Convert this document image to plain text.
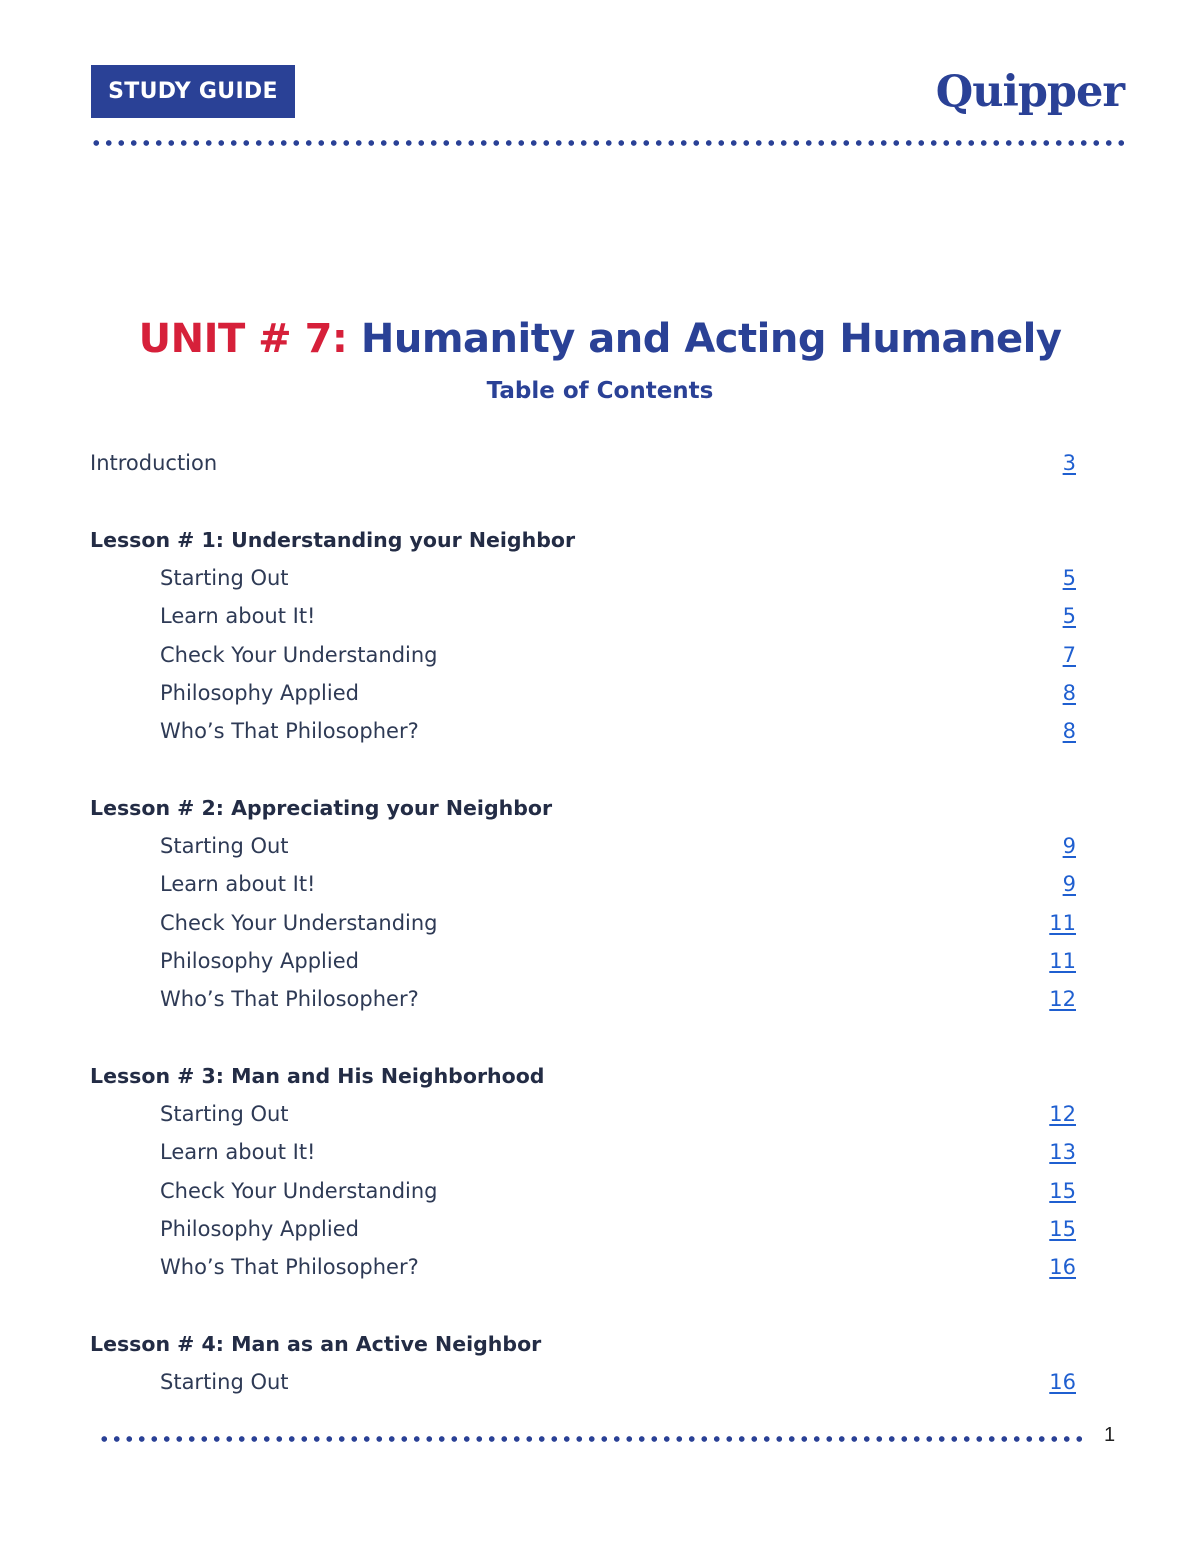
STUDY GUIDE	Quipper
UNIT # 7: Humanity and Acting Humanely
Table of Contents
Introduction	3
Lesson # 1: Understanding your Neighbor
Starting Out	5
Learn about It!	5
Check Your Understanding	7
Philosophy Applied	8
Who’s That Philosopher?	8
Lesson # 2: Appreciating your Neighbor
Starting Out	9
Learn about It!	9
Check Your Understanding	11
Philosophy Applied	11
Who’s That Philosopher?	12
Lesson # 3: Man and His Neighborhood
Starting Out	12
Learn about It!	13
Check Your Understanding	15
Philosophy Applied	15
Who’s That Philosopher?	16
Lesson # 4: Man as an Active Neighbor
Starting Out	16
1
